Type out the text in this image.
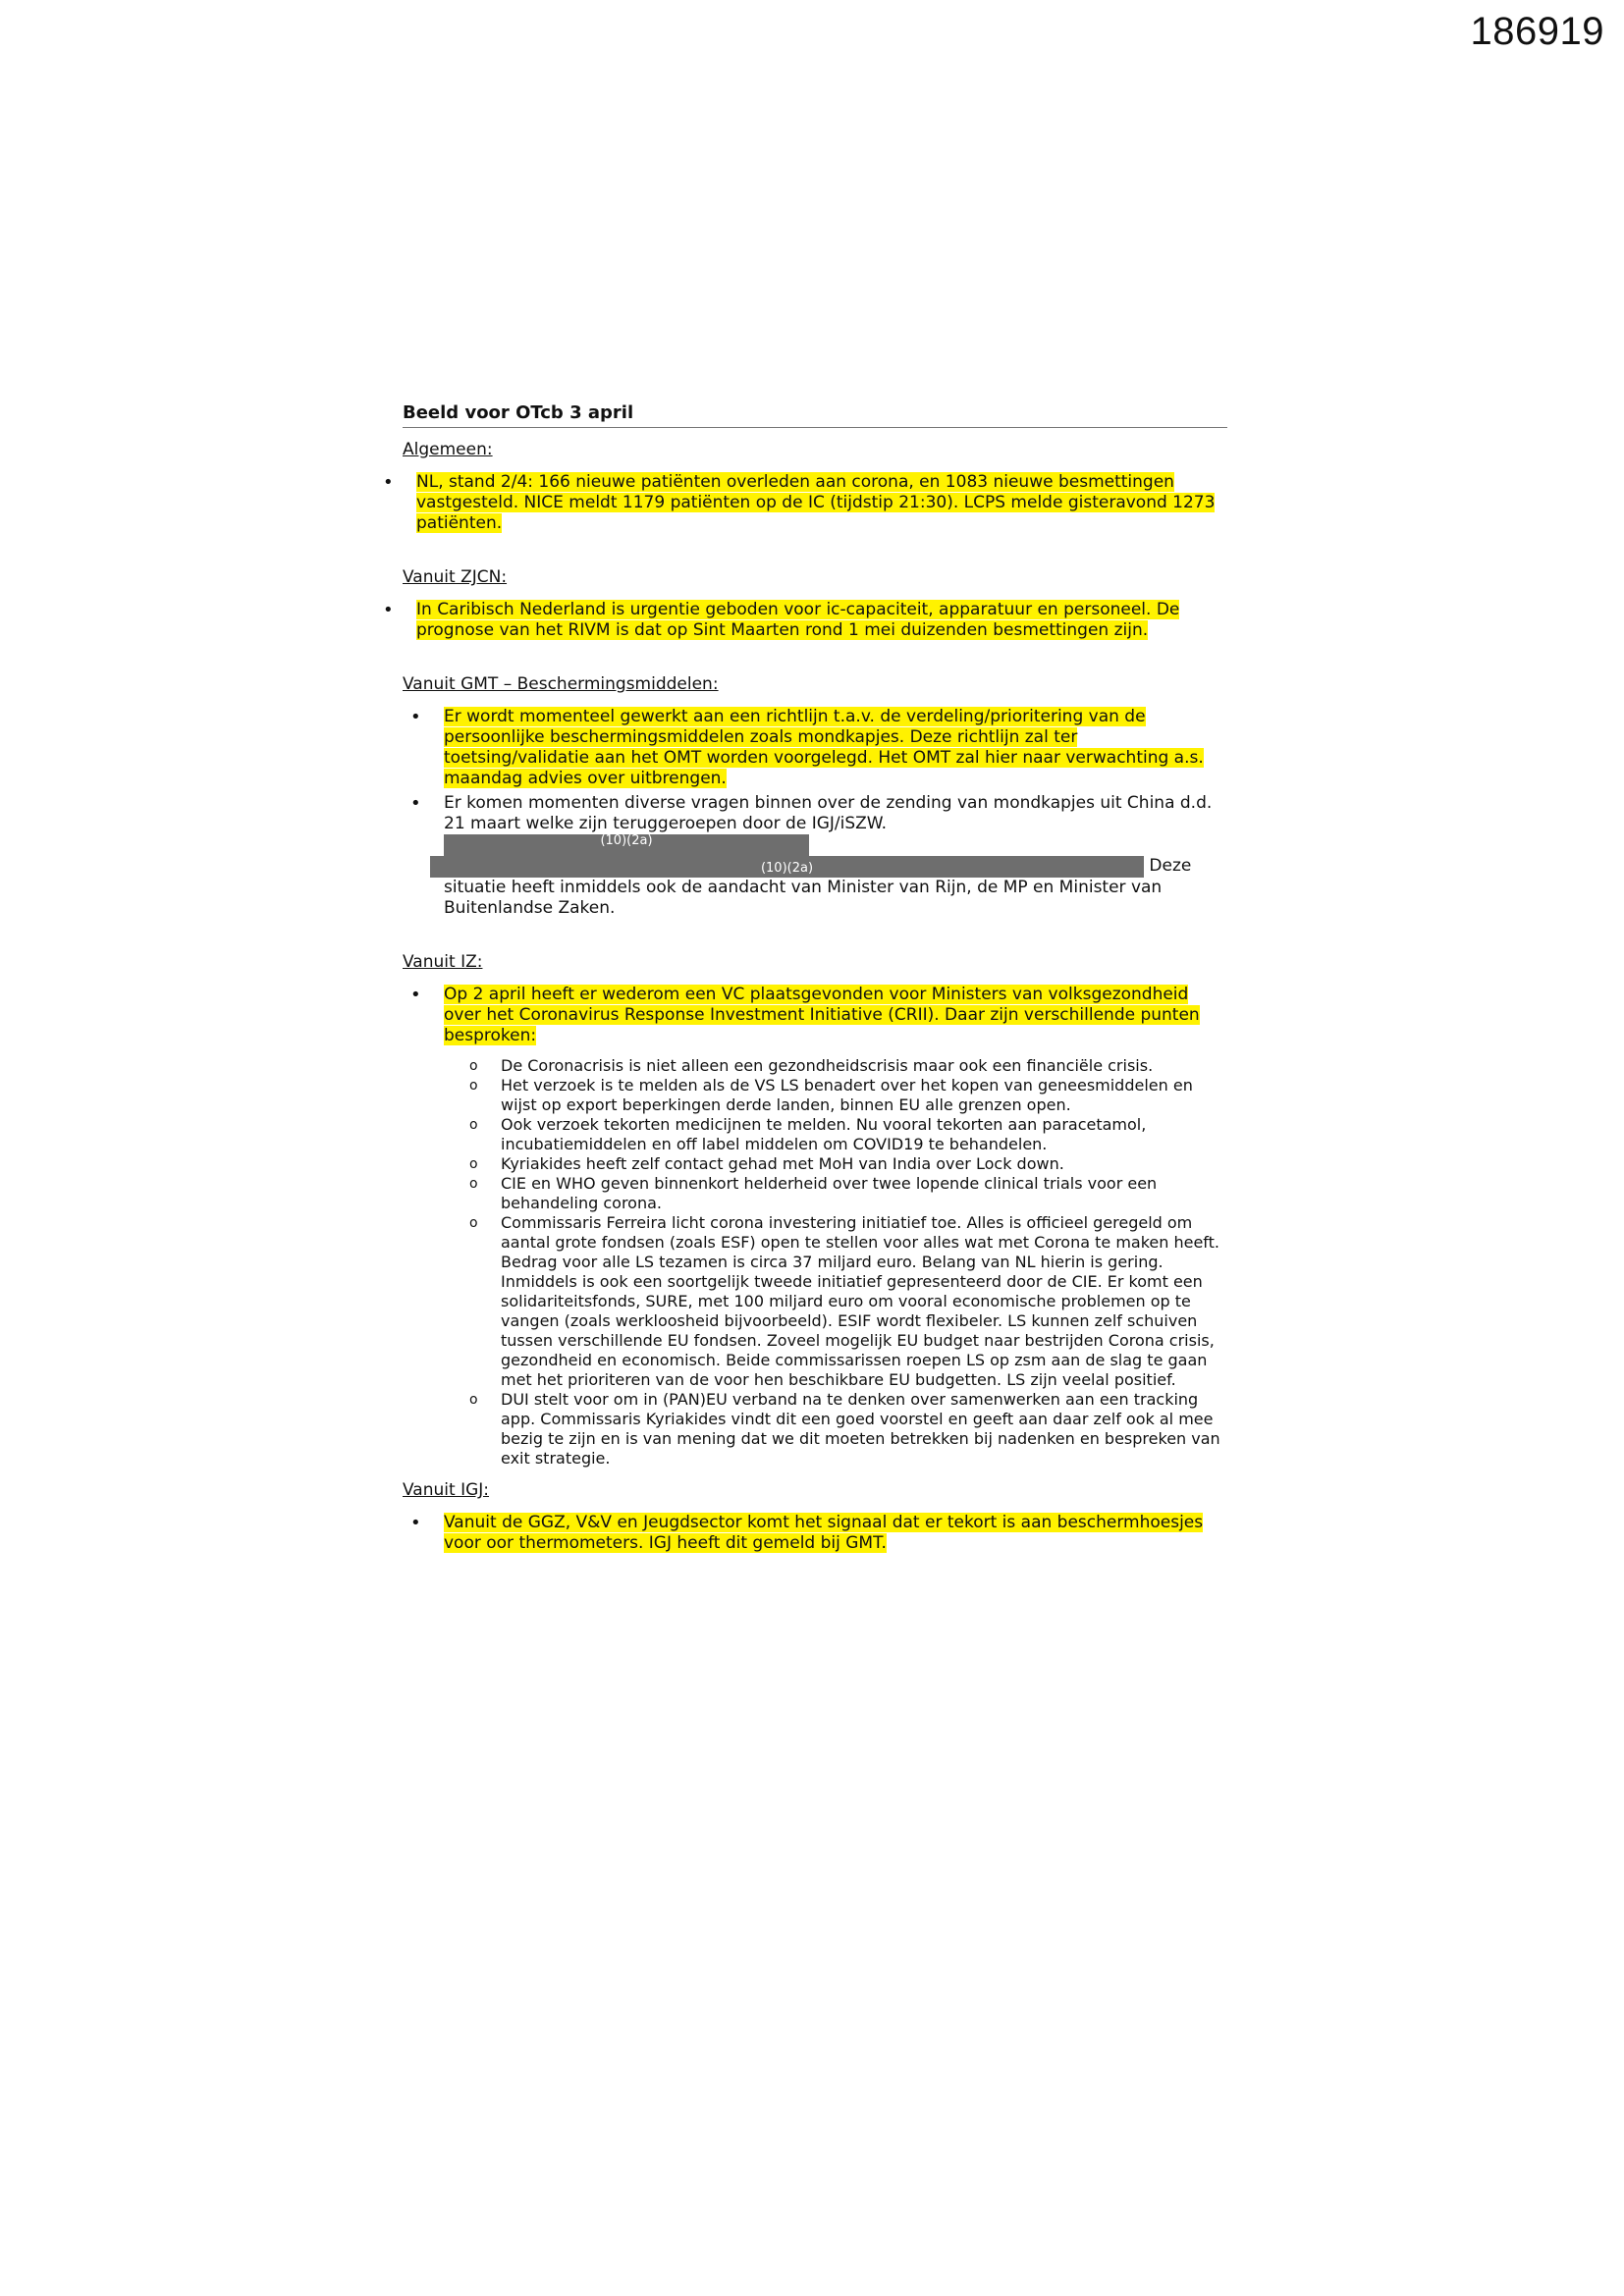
186919
Beeld voor OTcb 3 april
Algemeen:
• NL, stand 2/4: 166 nieuwe patiënten overleden aan corona, en 1083 nieuwe besmettingen vastgesteld. NICE meldt 1179 patiënten op de IC (tijdstip 21:30). LCPS melde gisteravond 1273 patiënten.
Vanuit ZJCN:
• In Caribisch Nederland is urgentie geboden voor ic-capaciteit, apparatuur en personeel. De prognose van het RIVM is dat op Sint Maarten rond 1 mei duizenden besmettingen zijn.
Vanuit GMT – Beschermingsmiddelen:
• Er wordt momenteel gewerkt aan een richtlijn t.a.v. de verdeling/prioritering van de persoonlijke beschermingsmiddelen zoals mondkapjes. Deze richtlijn zal ter toetsing/validatie aan het OMT worden voorgelegd. Het OMT zal hier naar verwachting a.s. maandag advies over uitbrengen.
• Er komen momenten diverse vragen binnen over de zending van mondkapjes uit China d.d. 21 maart welke zijn teruggeroepen door de IGJ/iSZW. (10)(2a) (10)(2a)	Deze situatie heeft inmiddels ook de aandacht van Minister van Rijn, de MP en Minister van Buitenlandse Zaken.
Vanuit IZ:
• Op 2 april heeft er wederom een VC plaatsgevonden voor Ministers van volksgezondheid over het Coronavirus Response Investment Initiative (CRII). Daar zijn verschillende punten besproken:
o De Coronacrisis is niet alleen een gezondheidscrisis maar ook een financiële crisis.
o Het verzoek is te melden als de VS LS benadert over het kopen van geneesmiddelen en wijst op export beperkingen derde landen, binnen EU alle grenzen open.
o Ook verzoek tekorten medicijnen te melden. Nu vooral tekorten aan paracetamol, incubatiemiddelen en off label middelen om COVID19 te behandelen.
o Kyriakides heeft zelf contact gehad met MoH van India over Lock down.
o CIE en WHO geven binnenkort helderheid over twee lopende clinical trials voor een behandeling corona.
o Commissaris Ferreira licht corona investering initiatief toe. Alles is officieel geregeld om aantal grote fondsen (zoals ESF) open te stellen voor alles wat met Corona te maken heeft. Bedrag voor alle LS tezamen is circa 37 miljard euro. Belang van NL hierin is gering. Inmiddels is ook een soortgelijk tweede initiatief gepresenteerd door de CIE. Er komt een solidariteitsfonds, SURE, met 100 miljard euro om vooral economische problemen op te vangen (zoals werkloosheid bijvoorbeeld). ESIF wordt flexibeler. LS kunnen zelf schuiven tussen verschillende EU fondsen. Zoveel mogelijk EU budget naar bestrijden Corona crisis, gezondheid en economisch. Beide commissarissen roepen LS op zsm aan de slag te gaan met het prioriteren van de voor hen beschikbare EU budgetten. LS zijn veelal positief.
o DUI stelt voor om in (PAN)EU verband na te denken over samenwerken aan een tracking app. Commissaris Kyriakides vindt dit een goed voorstel en geeft aan daar zelf ook al mee bezig te zijn en is van mening dat we dit moeten betrekken bij nadenken en bespreken van exit strategie.
Vanuit IGJ:
• Vanuit de GGZ, V&V en Jeugdsector komt het signaal dat er tekort is aan beschermhoesjes voor oor thermometers. IGJ heeft dit gemeld bij GMT.
